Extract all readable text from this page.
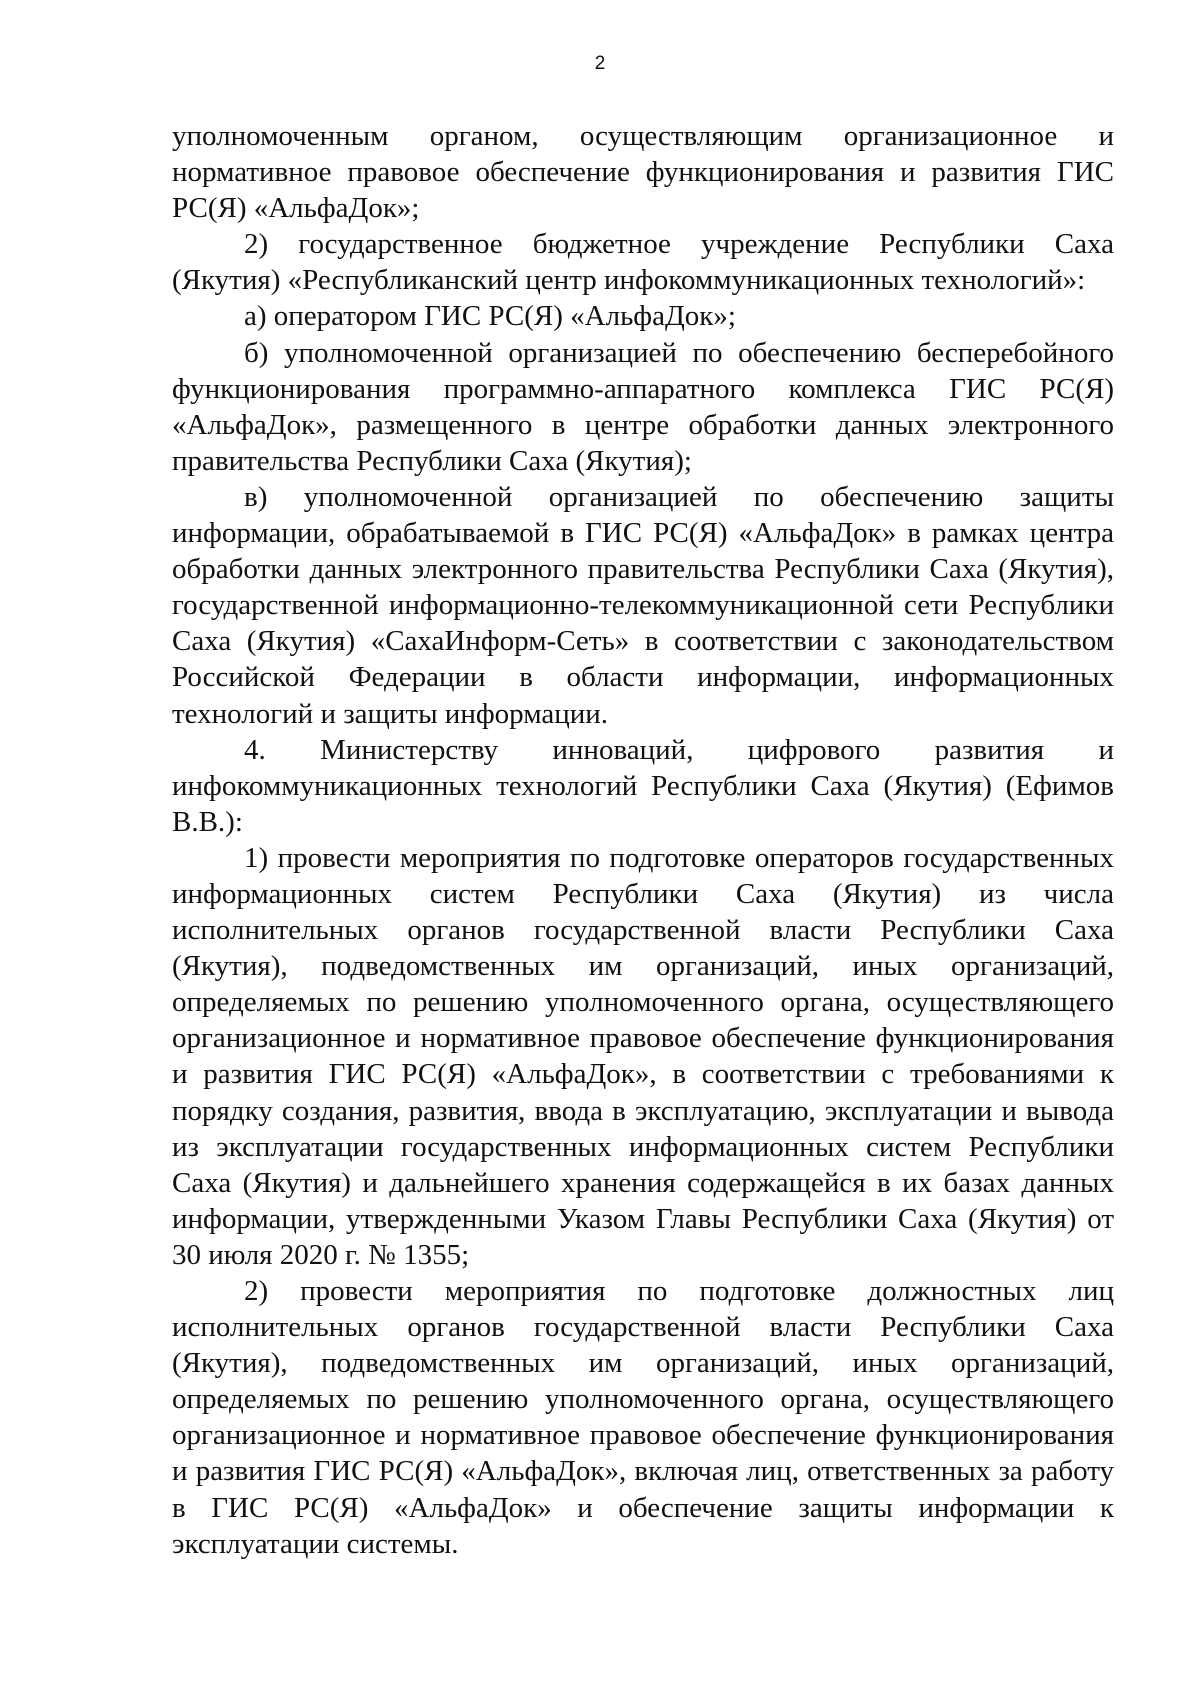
2

уполномоченным органом, осуществляющим организационное и нормативное правовое обеспечение функционирования и развития ГИС РС(Я) «АльфаДок»;

2) государственное бюджетное учреждение Республики Саха (Якутия) «Республиканский центр инфокоммуникационных технологий»:

а) оператором ГИС РС(Я) «АльфаДок»;

б) уполномоченной организацией по обеспечению бесперебойного функционирования программно-аппаратного комплекса ГИС РС(Я) «АльфаДок», размещенного в центре обработки данных электронного правительства Республики Саха (Якутия);

в) уполномоченной организацией по обеспечению защиты информации, обрабатываемой в ГИС РС(Я) «АльфаДок» в рамках центра обработки данных электронного правительства Республики Саха (Якутия), государственной информационно-телекоммуникационной сети Республики Саха (Якутия) «СахаИнформ-Сеть» в соответствии с законодательством Российской Федерации в области информации, информационных технологий и защиты информации.

4. Министерству инноваций, цифрового развития и инфокоммуникационных технологий Республики Саха (Якутия) (Ефимов В.В.):

1) провести мероприятия по подготовке операторов государственных информационных систем Республики Саха (Якутия) из числа исполнительных органов государственной власти Республики Саха (Якутия), подведомственных им организаций, иных организаций, определяемых по решению уполномоченного органа, осуществляющего организационное и нормативное правовое обеспечение функционирования и развития ГИС РС(Я) «АльфаДок», в соответствии с требованиями к порядку создания, развития, ввода в эксплуатацию, эксплуатации и вывода из эксплуатации государственных информационных систем Республики Саха (Якутия) и дальнейшего хранения содержащейся в их базах данных информации, утвержденными Указом Главы Республики Саха (Якутия) от 30 июля 2020 г. № 1355;

2) провести мероприятия по подготовке должностных лиц исполнительных органов государственной власти Республики Саха (Якутия), подведомственных им организаций, иных организаций, определяемых по решению уполномоченного органа, осуществляющего организационное и нормативное правовое обеспечение функционирования и развития ГИС РС(Я) «АльфаДок», включая лиц, ответственных за работу в ГИС РС(Я) «АльфаДок» и обеспечение защиты информации к эксплуатации системы.
